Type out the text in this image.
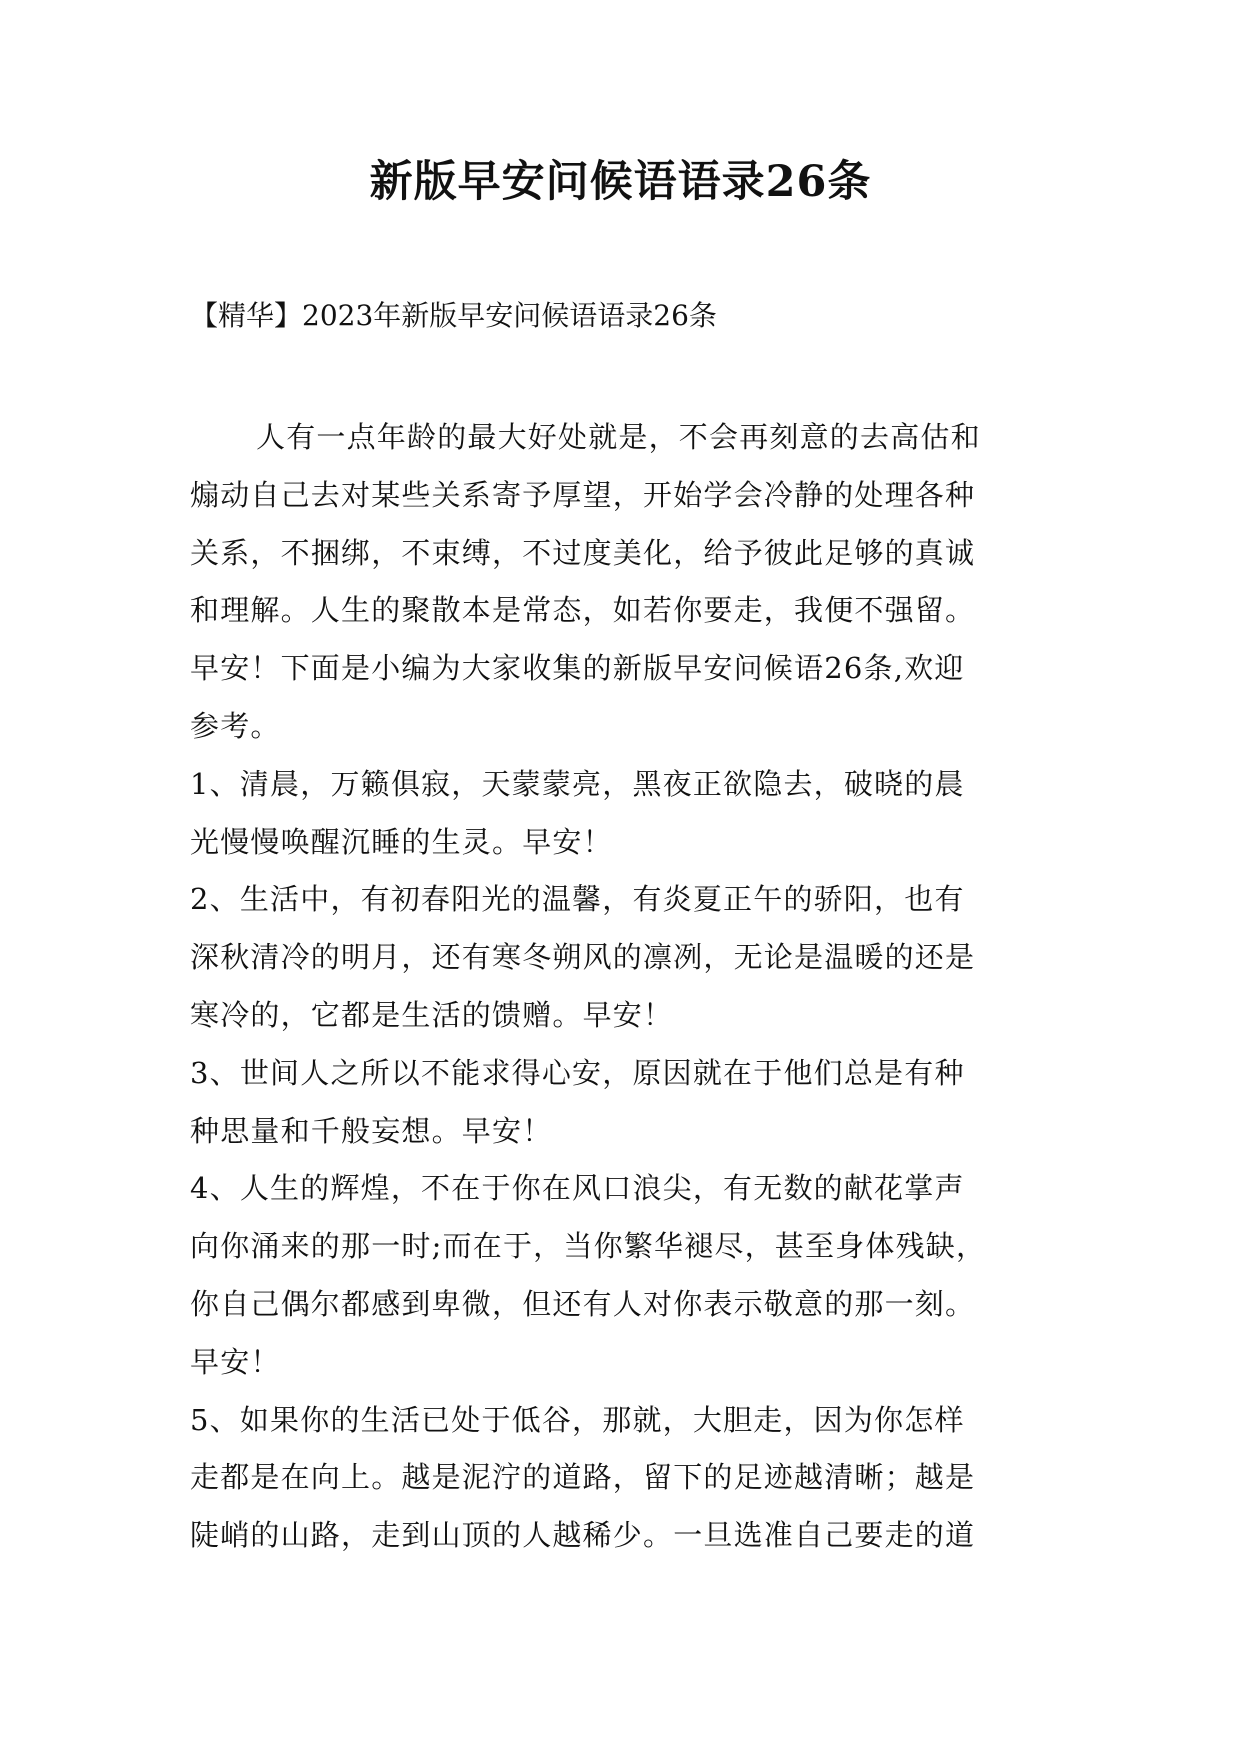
新版早安问候语语录26条

【精华】2023年新版早安问候语语录26条

人有一点年龄的最大好处就是，不会再刻意的去高估和
煽动自己去对某些关系寄予厚望，开始学会冷静的处理各种
关系，不捆绑，不束缚，不过度美化，给予彼此足够的真诚
和理解。人生的聚散本是常态，如若你要走，我便不强留。
早安！下面是小编为大家收集的新版早安问候语26条,欢迎
参考。
1、清晨，万籁俱寂，天蒙蒙亮，黑夜正欲隐去，破晓的晨
光慢慢唤醒沉睡的生灵。早安！
2、生活中，有初春阳光的温馨，有炎夏正午的骄阳，也有
深秋清冷的明月，还有寒冬朔风的凛冽，无论是温暖的还是
寒冷的，它都是生活的馈赠。早安！
3、世间人之所以不能求得心安，原因就在于他们总是有种
种思量和千般妄想。早安！
4、人生的辉煌，不在于你在风口浪尖，有无数的献花掌声
向你涌来的那一时;而在于，当你繁华褪尽，甚至身体残缺，
你自己偶尔都感到卑微，但还有人对你表示敬意的那一刻。
早安！
5、如果你的生活已处于低谷，那就，大胆走，因为你怎样
走都是在向上。越是泥泞的道路，留下的足迹越清晰；越是
陡峭的山路，走到山顶的人越稀少。一旦选准自己要走的道
